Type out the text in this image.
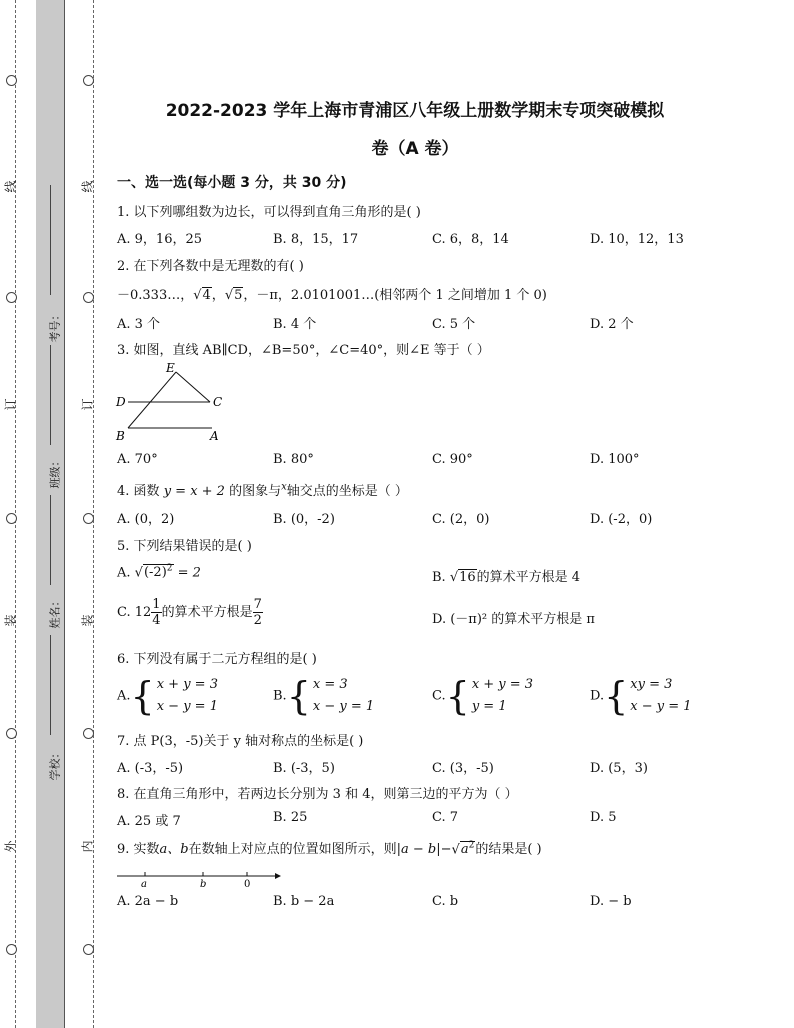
线
订
装
外
线
订
装
内
考号：
班级：
姓名：
学校：
2022-2023 学年上海市青浦区八年级上册数学期末专项突破模拟
卷（A 卷）
一、选一选(每小题 3 分，共 30 分)
1. 以下列哪组数为边长，可以得到直角三角形的是( )
A. 9，16，25	B. 8，15，17	C. 6，8，14	D. 10，12，13
2. 在下列各数中是无理数的有( )
－0.333…，√4，√5，－π，2.0101001…(相邻两个 1 之间增加 1 个 0)
A. 3 个	B. 4 个	C. 5 个	D. 2 个
3. 如图，直线 AB∥CD，∠B=50°，∠C=40°，则∠E 等于（ ）
E
D	C
B	A
A. 70°	B. 80°	C. 90°	D. 100°
4. 函数 y = x + 2 的图象与$^x$轴交点的坐标是（ ）
A. (0，2)	B. (0，-2)	C. (2，0)	D. (-2，0)
5. 下列结果错误的是( )
A. $√(-2)^2 = 2$	B. √16的算术平方根是 4
C. $12 \frac{1}{4}$ 的算术平方根是 $\frac{7}{2}$	D. (－π)² 的算术平方根是 π
6. 下列没有属于二元方程组的是( )
A.{ x + y = 3
x − y = 1
B.{ x = 3
x − y = 1
C.{ x + y = 3
y = 1
D.{ xy = 3
x − y = 1
7. 点 P(3，-5)关于 y 轴对称点的坐标是( )
A. (-3，-5)	B. (-3，5)	C. (3，-5)	D. (5，3)
8. 在直角三角形中，若两边长分别为 3 和 4，则第三边的平方为（ ）
A. 25 或 7	B. 25	C. 7	D. 5
9. 实数a、b在数轴上对应点的位置如图所示，则$|a - b|-√a^2$的结果是( )
a	b	0
A. 2a − b	B. b − 2a	C. b	D. − b
